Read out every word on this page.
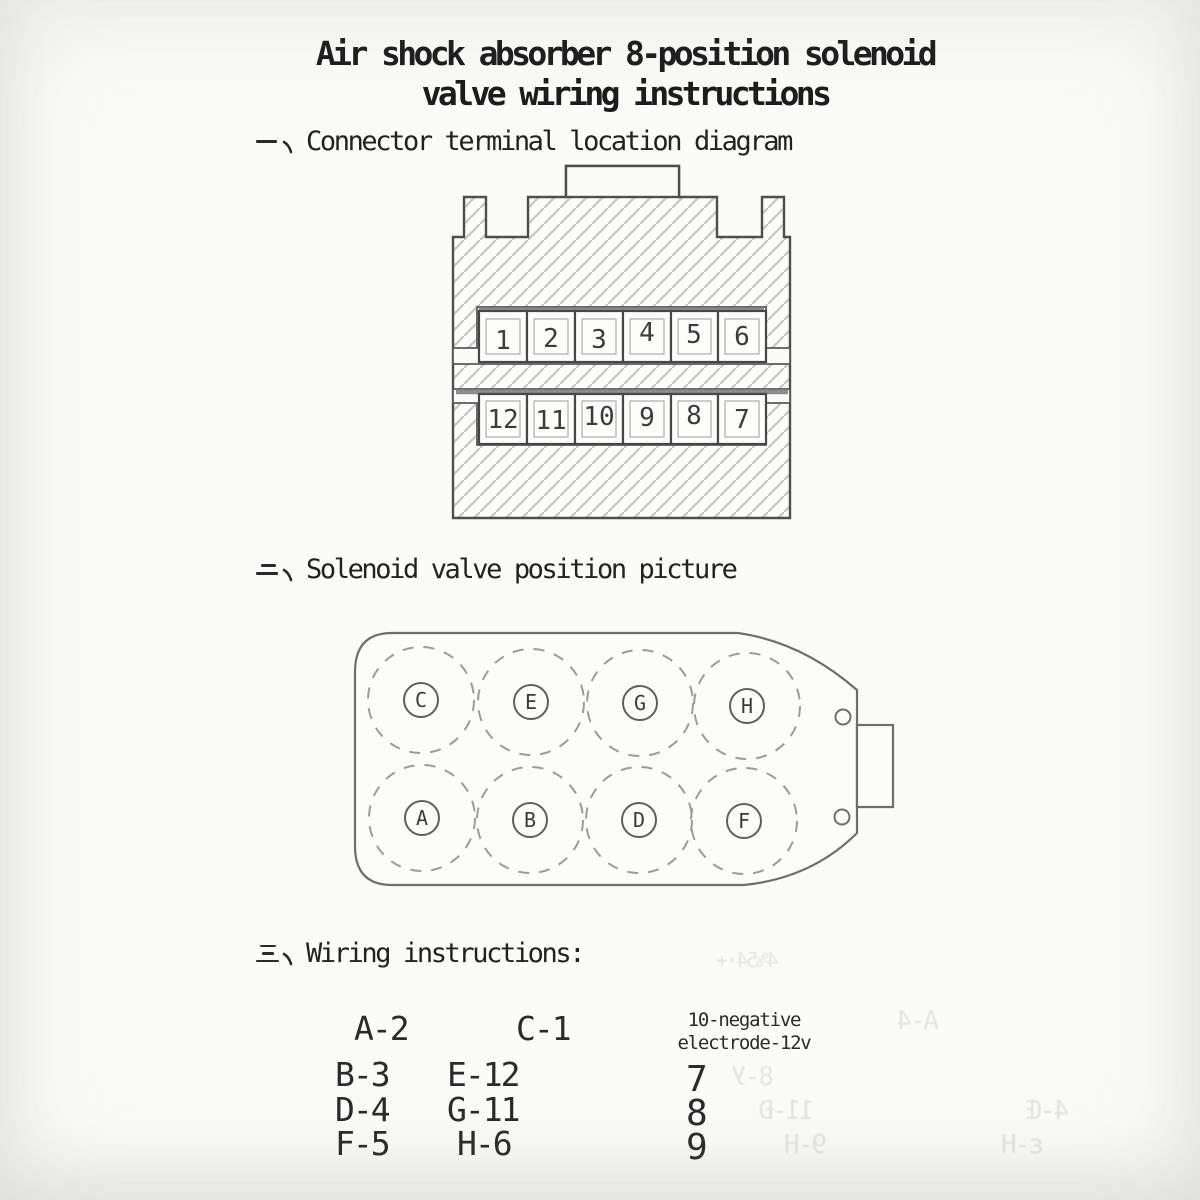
Air shock absorber 8-position solenoid
valve wiring instructions
Connector terminal location diagram
1 2 3 4 5 6
12 11 10 9 8 7
Solenoid valve position picture
C	E	G	H
A	B	D	F
Wiring instructions:
A-2	C-1	10-negative electrode-12v
B-3 E-12	7
D-4 G-11	8
F-5 H-6	9
4%54·+
A-4
8-У
11-Ð	4-Œ
9-H	ε-Η
